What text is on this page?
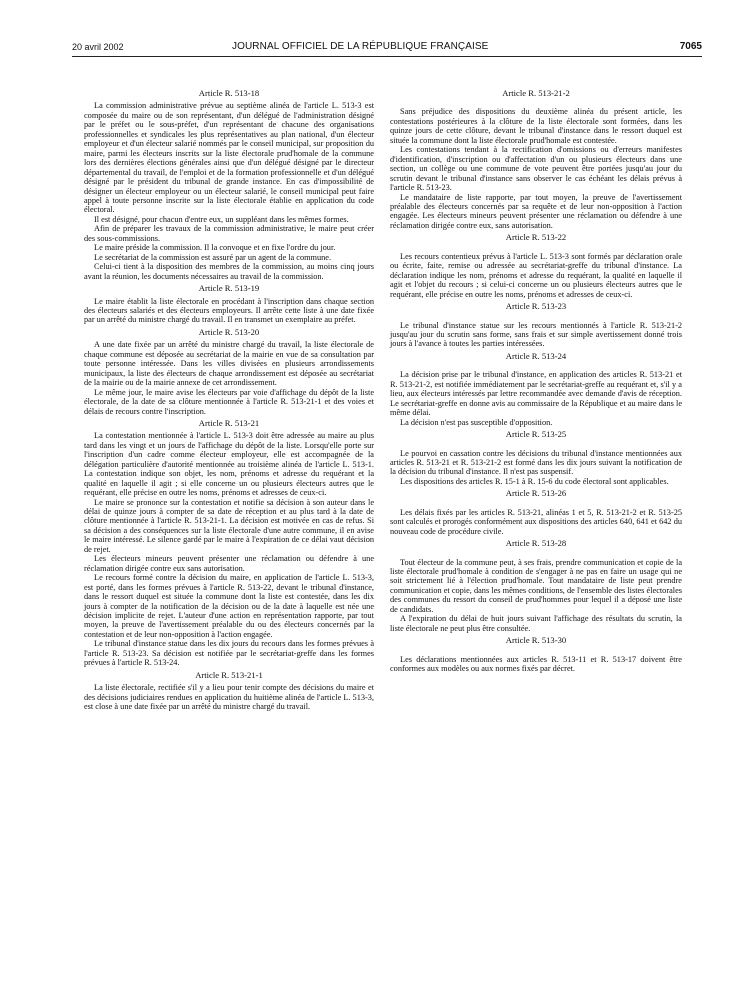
20 avril 2002	JOURNAL OFFICIEL DE LA RÉPUBLIQUE FRANÇAISE	7065
Article R. 513-18

La commission administrative prévue au septième alinéa de l'article L. 513-3 est composée du maire ou de son représentant, d'un délégué de l'administration désigné par le préfet ou le sous-préfet, d'un représentant de chacune des organisations professionnelles et syndicales les plus représentatives au plan national, d'un électeur employeur et d'un électeur salarié nommés par le conseil municipal, sur proposition du maire, parmi les électeurs inscrits sur la liste électorale prud'homale de la commune lors des dernières élections générales ainsi que d'un délégué désigné par le directeur départemental du travail, de l'emploi et de la formation professionnelle et d'un délégué désigné par le président du tribunal de grande instance. En cas d'impossibilité de désigner un électeur employeur ou un électeur salarié, le conseil municipal peut faire appel à toute personne inscrite sur la liste électorale établie en application du code électoral.

Il est désigné, pour chacun d'entre eux, un suppléant dans les mêmes formes.

Afin de préparer les travaux de la commission administrative, le maire peut créer des sous-commissions.

Le maire préside la commission. Il la convoque et en fixe l'ordre du jour.

Le secrétariat de la commission est assuré par un agent de la commune.

Celui-ci tient à la disposition des membres de la commission, au moins cinq jours avant la réunion, les documents nécessaires au travail de la commission.

Article R. 513-19

Le maire établit la liste électorale en procédant à l'inscription dans chaque section des électeurs salariés et des électeurs employeurs. Il arrête cette liste à une date fixée par un arrêté du ministre chargé du travail. Il en transmet un exemplaire au préfet.

Article R. 513-20

A une date fixée par un arrêté du ministre chargé du travail, la liste électorale de chaque commune est déposée au secrétariat de la mairie en vue de sa consultation par toute personne intéressée. Dans les villes divisées en plusieurs arrondissements municipaux, la liste des électeurs de chaque arrondissement est déposée au secrétariat de la mairie ou de la mairie annexe de cet arrondissement.

Le même jour, le maire avise les électeurs par voie d'affichage du dépôt de la liste électorale, de la date de sa clôture mentionnée à l'article R. 513-21-1 et des voies et délais de recours contre l'inscription.

Article R. 513-21

La contestation mentionnée à l'article L. 513-3 doit être adressée au maire au plus tard dans les vingt et un jours de l'affichage du dépôt de la liste. Lorsqu'elle porte sur l'inscription d'un cadre comme électeur employeur, elle est accompagnée de la délégation particulière d'autorité mentionnée au troisième alinéa de l'article L. 513-1. La contestation indique son objet, les nom, prénoms et adresse du requérant et la qualité en laquelle il agit ; si elle concerne un ou plusieurs électeurs autres que le requérant, elle précise en outre les noms, prénoms et adresses de ceux-ci.

Le maire se prononce sur la contestation et notifie sa décision à son auteur dans le délai de quinze jours à compter de sa date de réception et au plus tard à la date de clôture mentionnée à l'article R. 513-21-1. La décision est motivée en cas de refus. Si sa décision a des conséquences sur la liste électorale d'une autre commune, il en avise le maire intéressé. Le silence gardé par le maire à l'expiration de ce délai vaut décision de rejet.

Les électeurs mineurs peuvent présenter une réclamation ou défendre à une réclamation dirigée contre eux sans autorisation.

Le recours formé contre la décision du maire, en application de l'article L. 513-3, est porté, dans les formes prévues à l'article R. 513-22, devant le tribunal d'instance, dans le ressort duquel est située la commune dont la liste est contestée, dans les dix jours à compter de la notification de la décision ou de la date à laquelle est née une décision implicite de rejet. L'auteur d'une action en représentation rapporte, par tout moyen, la preuve de l'avertissement préalable du ou des électeurs concernés par la contestation et de leur non-opposition à l'action engagée.

Le tribunal d'instance statue dans les dix jours du recours dans les formes prévues à l'article R. 513-23. Sa décision est notifiée par le secrétariat-greffe dans les formes prévues à l'article R. 513-24.

Article R. 513-21-1

La liste électorale, rectifiée s'il y a lieu pour tenir compte des décisions du maire et des décisions judiciaires rendues en application du huitième alinéa de l'article L. 513-3, est close à une date fixée par un arrêté du ministre chargé du travail.

Article R. 513-21-2

Sans préjudice des dispositions du deuxième alinéa du présent article, les contestations postérieures à la clôture de la liste électorale sont formées, dans les quinze jours de cette clôture, devant le tribunal d'instance dans le ressort duquel est située la commune dont la liste électorale prud'homale est contestée.

Les contestations tendant à la rectification d'omissions ou d'erreurs manifestes d'identification, d'inscription ou d'affectation d'un ou plusieurs électeurs dans une section, un collège ou une commune de vote peuvent être portées jusqu'au jour du scrutin devant le tribunal d'instance sans observer le cas échéant les délais prévus à l'article R. 513-23.

Le mandataire de liste rapporte, par tout moyen, la preuve de l'avertissement préalable des électeurs concernés par sa requête et de leur non-opposition à l'action engagée. Les électeurs mineurs peuvent présenter une réclamation ou défendre à une réclamation dirigée contre eux, sans autorisation.

Article R. 513-22

Les recours contentieux prévus à l'article L. 513-3 sont formés par déclaration orale ou écrite, faite, remise ou adressée au secrétariat-greffe du tribunal d'instance. La déclaration indique les nom, prénoms et adresse du requérant, la qualité en laquelle il agit et l'objet du recours ; si celui-ci concerne un ou plusieurs électeurs autres que le requérant, elle précise en outre les noms, prénoms et adresses de ceux-ci.

Article R. 513-23

Le tribunal d'instance statue sur les recours mentionnés à l'article R. 513-21-2 jusqu'au jour du scrutin sans forme, sans frais et sur simple avertissement donné trois jours à l'avance à toutes les parties intéressées.

Article R. 513-24

La décision prise par le tribunal d'instance, en application des articles R. 513-21 et R. 513-21-2, est notifiée immédiatement par le secrétariat-greffe au requérant et, s'il y a lieu, aux électeurs intéressés par lettre recommandée avec demande d'avis de réception. Le secrétariat-greffe en donne avis au commissaire de la République et au maire dans le même délai.

La décision n'est pas susceptible d'opposition.

Article R. 513-25

Le pourvoi en cassation contre les décisions du tribunal d'instance mentionnées aux articles R. 513-21 et R. 513-21-2 est formé dans les dix jours suivant la notification de la décision du tribunal d'instance. Il n'est pas suspensif.

Les dispositions des articles R. 15-1 à R. 15-6 du code électoral sont applicables.

Article R. 513-26

Les délais fixés par les articles R. 513-21, alinéas 1 et 5, R. 513-21-2 et R. 513-25 sont calculés et prorogés conformément aux dispositions des articles 640, 641 et 642 du nouveau code de procédure civile.

Article R. 513-28

Tout électeur de la commune peut, à ses frais, prendre communication et copie de la liste électorale prud'homale à condition de s'engager à ne pas en faire un usage qui ne soit strictement lié à l'élection prud'homale. Tout mandataire de liste peut prendre communication et copie, dans les mêmes conditions, de l'ensemble des listes électorales des communes du ressort du conseil de prud'hommes pour lequel il a déposé une liste de candidats.

A l'expiration du délai de huit jours suivant l'affichage des résultats du scrutin, la liste électorale ne peut plus être consultée.

Article R. 513-30

Les déclarations mentionnées aux articles R. 513-11 et R. 513-17 doivent être conformes aux modèles ou aux normes fixés par décret.
